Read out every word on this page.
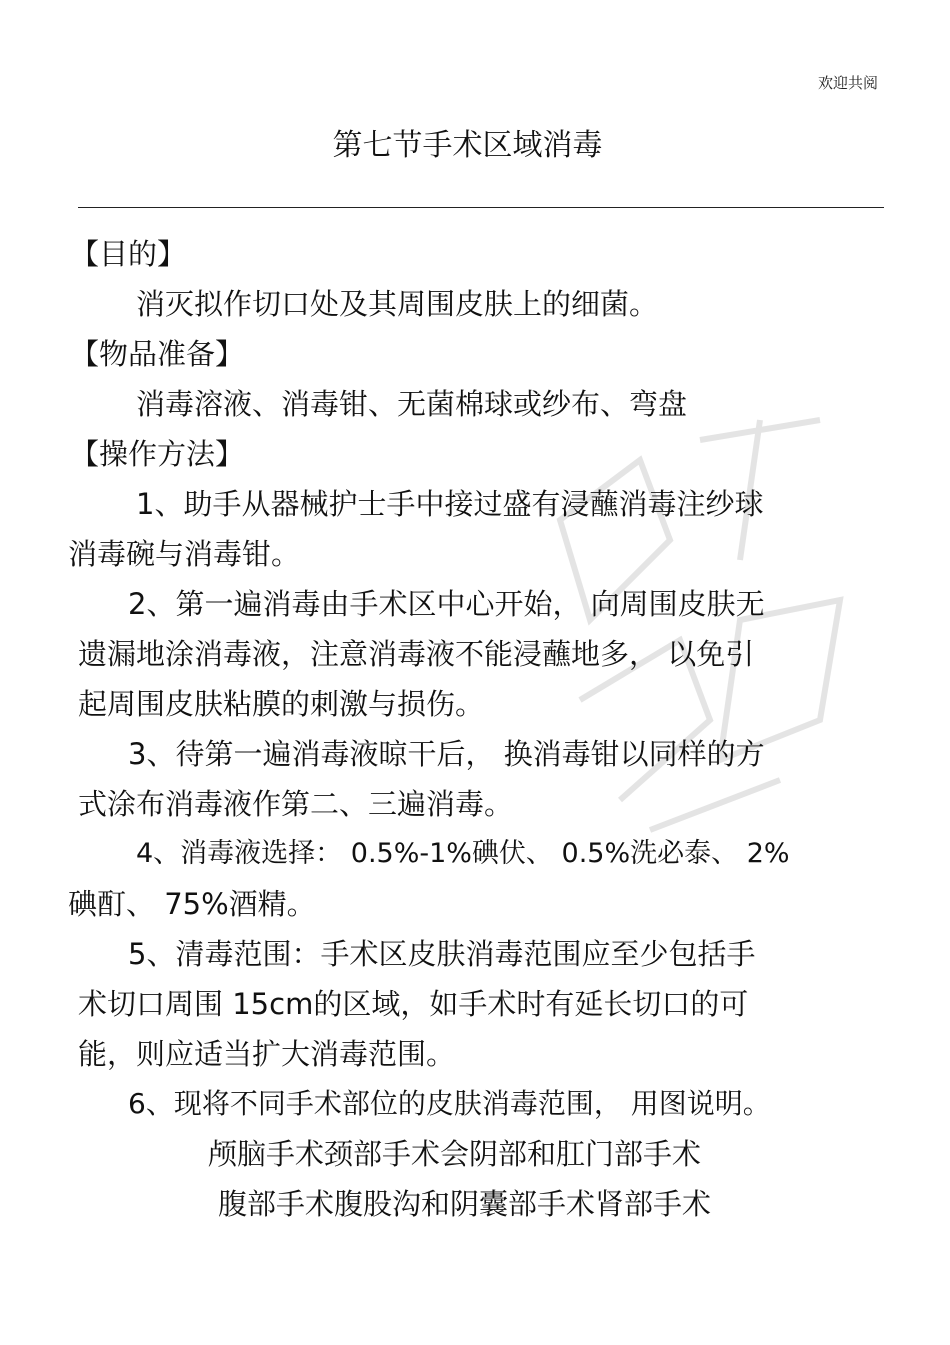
欢迎共阅
第七节手术区域消毒
【目的】
消灭拟作切口处及其周围皮肤上的细菌。
【物品准备】
消毒溶液、消毒钳、无菌棉球或纱布、弯盘
【操作方法】
1、助手从器械护士手中接过盛有浸蘸消毒注纱球
消毒碗与消毒钳。
2、第一遍消毒由手术区中心开始， 向周围皮肤无
遗漏地涂消毒液，注意消毒液不能浸蘸地多， 以免引
起周围皮肤粘膜的刺激与损伤。
3、待第一遍消毒液晾干后， 换消毒钳以同样的方
式涂布消毒液作第二、三遍消毒。
4、消毒液选择： 0.5%-1%碘伏、 0.5%洗必泰、 2%
碘酊、 75%酒精。
5、清毒范围：手术区皮肤消毒范围应至少包括手
术切口周围 15cm的区域，如手术时有延长切口的可
能，则应适当扩大消毒范围。
6、现将不同手术部位的皮肤消毒范围， 用图说明。
颅脑手术颈部手术会阴部和肛门部手术
腹部手术腹股沟和阴囊部手术肾部手术
